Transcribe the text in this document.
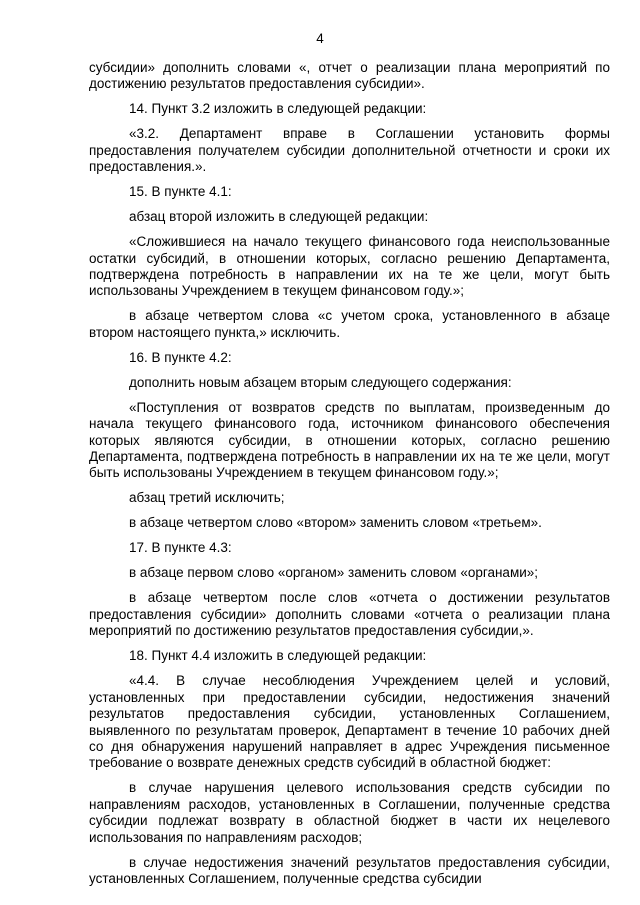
4

субсидии» дополнить словами «, отчет о реализации плана мероприятий по достижению результатов предоставления субсидии».

14. Пункт 3.2 изложить в следующей редакции:

«3.2. Департамент вправе в Соглашении установить формы предоставления получателем субсидии дополнительной отчетности и сроки их предоставления.».

15. В пункте 4.1:

абзац второй изложить в следующей редакции:

«Сложившиеся на начало текущего финансового года неиспользованные остатки субсидий, в отношении которых, согласно решению Департамента, подтверждена потребность в направлении их на те же цели, могут быть использованы Учреждением в текущем финансовом году.»;

в абзаце четвертом слова «с учетом срока, установленного в абзаце втором настоящего пункта,» исключить.

16. В пункте 4.2:

дополнить новым абзацем вторым следующего содержания:

«Поступления от возвратов средств по выплатам, произведенным до начала текущего финансового года, источником финансового обеспечения которых являются субсидии, в отношении которых, согласно решению Департамента, подтверждена потребность в направлении их на те же цели, могут быть использованы Учреждением в текущем финансовом году.»;

абзац третий исключить;

в абзаце четвертом слово «втором» заменить словом «третьем».

17. В пункте 4.3:

в абзаце первом слово «органом» заменить словом «органами»;

в абзаце четвертом после слов «отчета о достижении результатов предоставления субсидии» дополнить словами «отчета о реализации плана мероприятий по достижению результатов предоставления субсидии,».

18. Пункт 4.4 изложить в следующей редакции:

«4.4. В случае несоблюдения Учреждением целей и условий, установленных при предоставлении субсидии, недостижения значений результатов предоставления субсидии, установленных Соглашением, выявленного по результатам проверок, Департамент в течение 10 рабочих дней со дня обнаружения нарушений направляет в адрес Учреждения письменное требование о возврате денежных средств субсидий в областной бюджет:

в случае нарушения целевого использования средств субсидии по направлениям расходов, установленных в Соглашении, полученные средства субсидии подлежат возврату в областной бюджет в части их нецелевого использования по направлениям расходов;

в случае недостижения значений результатов предоставления субсидии, установленных Соглашением, полученные средства субсидии
